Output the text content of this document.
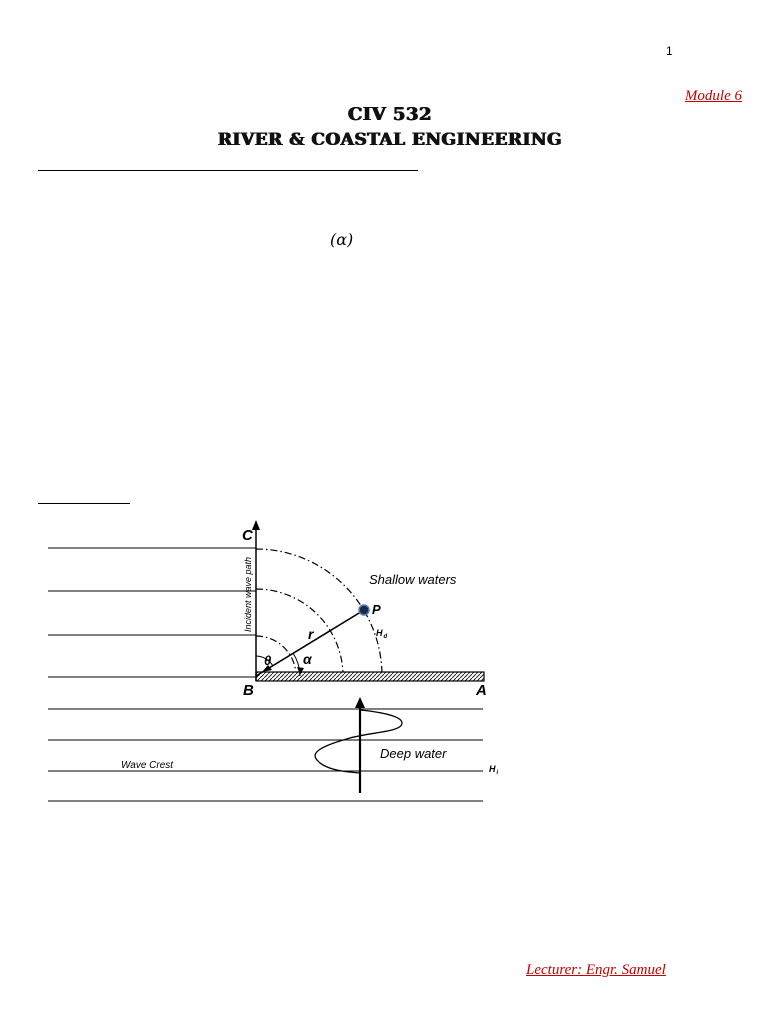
1
Module 6
CIV 532
RIVER & COASTAL ENGINEERING
(α)
C
B	A
P
r
θ α
$H_d$
$H_i$
Incident wave path	Shallow waters
Deep water
Wave Crest
Lecturer: Engr. Samuel
